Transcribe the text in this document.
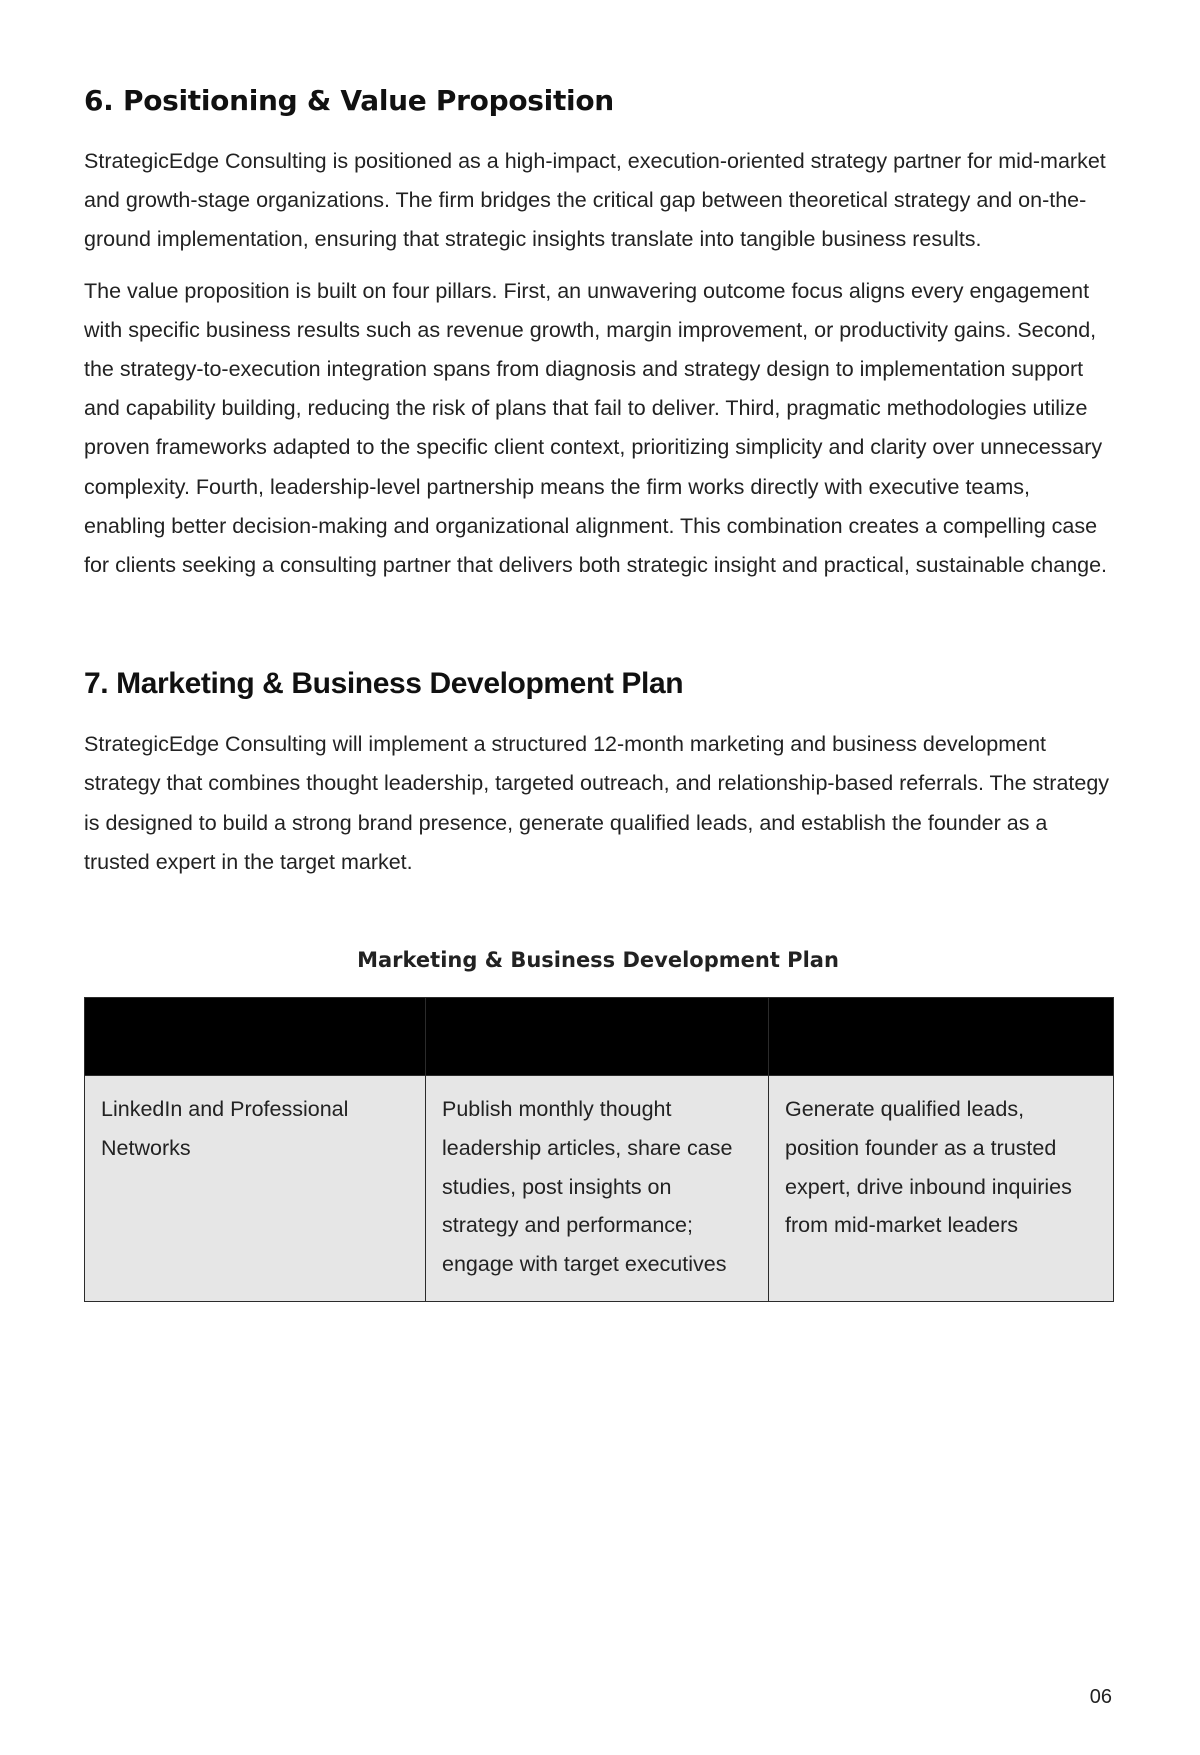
6. Positioning & Value Proposition

StrategicEdge Consulting is positioned as a high-impact, execution-oriented strategy partner for mid-market and growth-stage organizations. The firm bridges the critical gap between theoretical strategy and on-the-ground implementation, ensuring that strategic insights translate into tangible business results.

The value proposition is built on four pillars. First, an unwavering outcome focus aligns every engagement with specific business results such as revenue growth, margin improvement, or productivity gains. Second, the strategy-to-execution integration spans from diagnosis and strategy design to implementation support and capability building, reducing the risk of plans that fail to deliver. Third, pragmatic methodologies utilize proven frameworks adapted to the specific client context, prioritizing simplicity and clarity over unnecessary complexity. Fourth, leadership-level partnership means the firm works directly with executive teams, enabling better decision-making and organizational alignment. This combination creates a compelling case for clients seeking a consulting partner that delivers both strategic insight and practical, sustainable change.

7. Marketing & Business Development Plan

StrategicEdge Consulting will implement a structured 12-month marketing and business development strategy that combines thought leadership, targeted outreach, and relationship-based referrals. The strategy is designed to build a strong brand presence, generate qualified leads, and establish the founder as a trusted expert in the target market.

Marketing & Business Development Plan

LinkedIn and Professional Networks	Publish monthly thought leadership articles, share case studies, post insights on strategy and performance; engage with target executives	Generate qualified leads, position founder as a trusted expert, drive inbound inquiries from mid-market leaders
06
